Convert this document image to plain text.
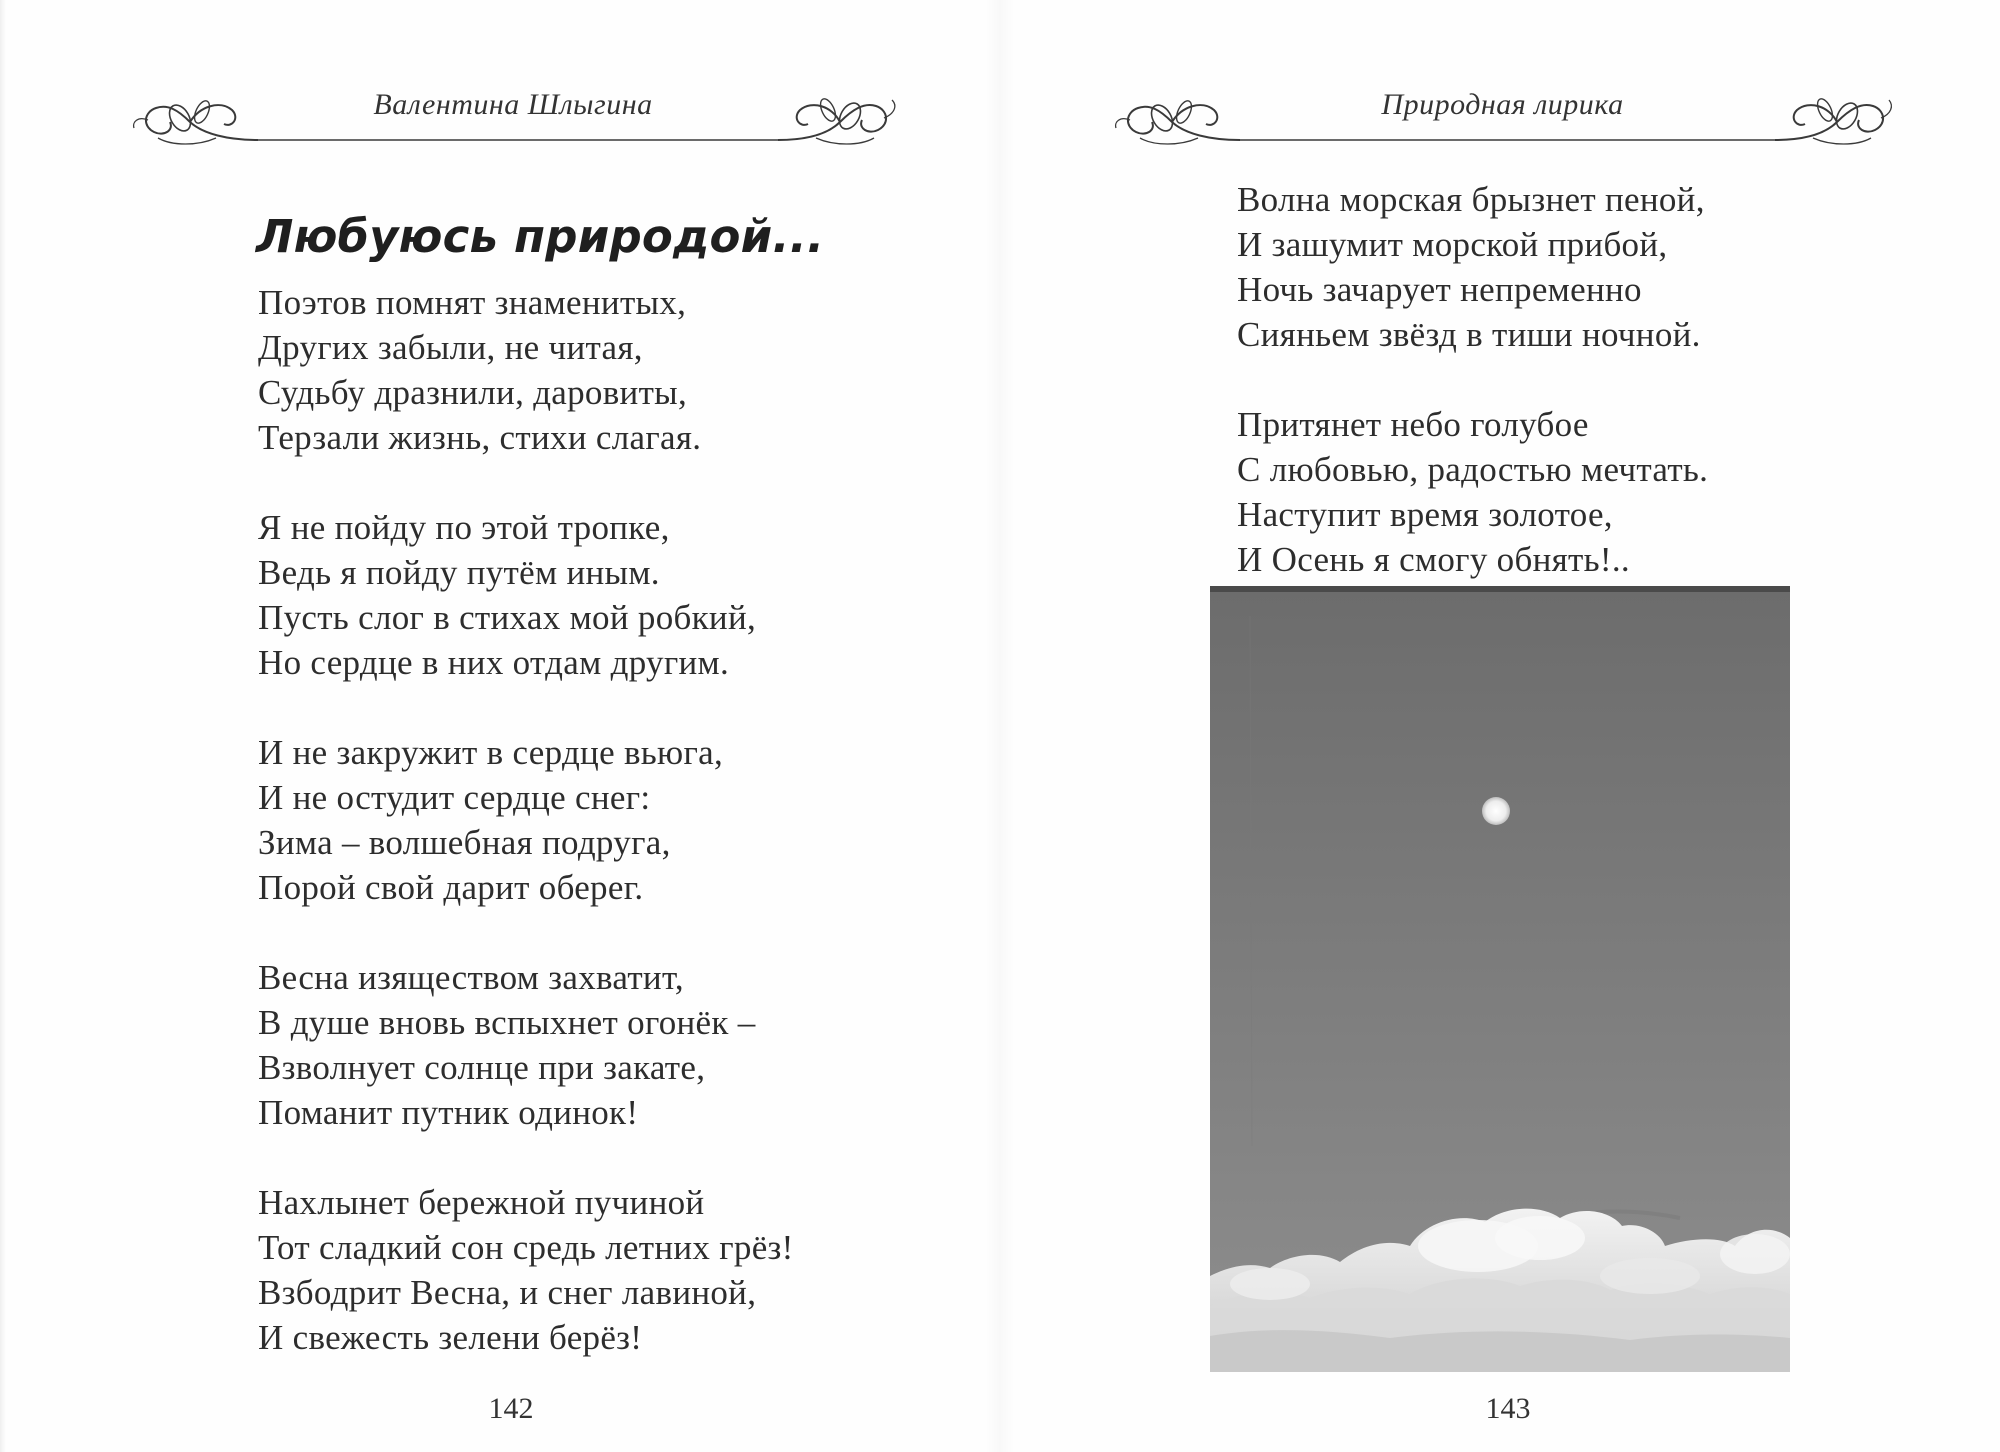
Валентина Шлыгина
Любуюсь природой...

Поэтов помнят знаменитых,
Других забыли, не читая,
Судьбу дразнили, даровиты,
Терзали жизнь, стихи слагая.

Я не пойду по этой тропке,
Ведь я пойду путём иным.
Пусть слог в стихах мой робкий,
Но сердце в них отдам другим.

И не закружит в сердце вьюга,
И не остудит сердце снег:
Зима – волшебная подруга,
Порой свой дарит оберег.

Весна изяществом захватит,
В душе вновь вспыхнет огонёк –
Взволнует солнце при закате,
Поманит путник одинок!

Нахлынет бережной пучиной
Тот сладкий сон средь летних грёз!
Взбодрит Весна, и снег лавиной,
И свежесть зелени берёз!

142
Природная лирика

Волна морская брызнет пеной,
И зашумит морской прибой,
Ночь зачарует непременно
Сияньем звёзд в тиши ночной.

Притянет небо голубое
С любовью, радостью мечтать.
Наступит время золотое,
И Осень я смогу обнять!..

143
